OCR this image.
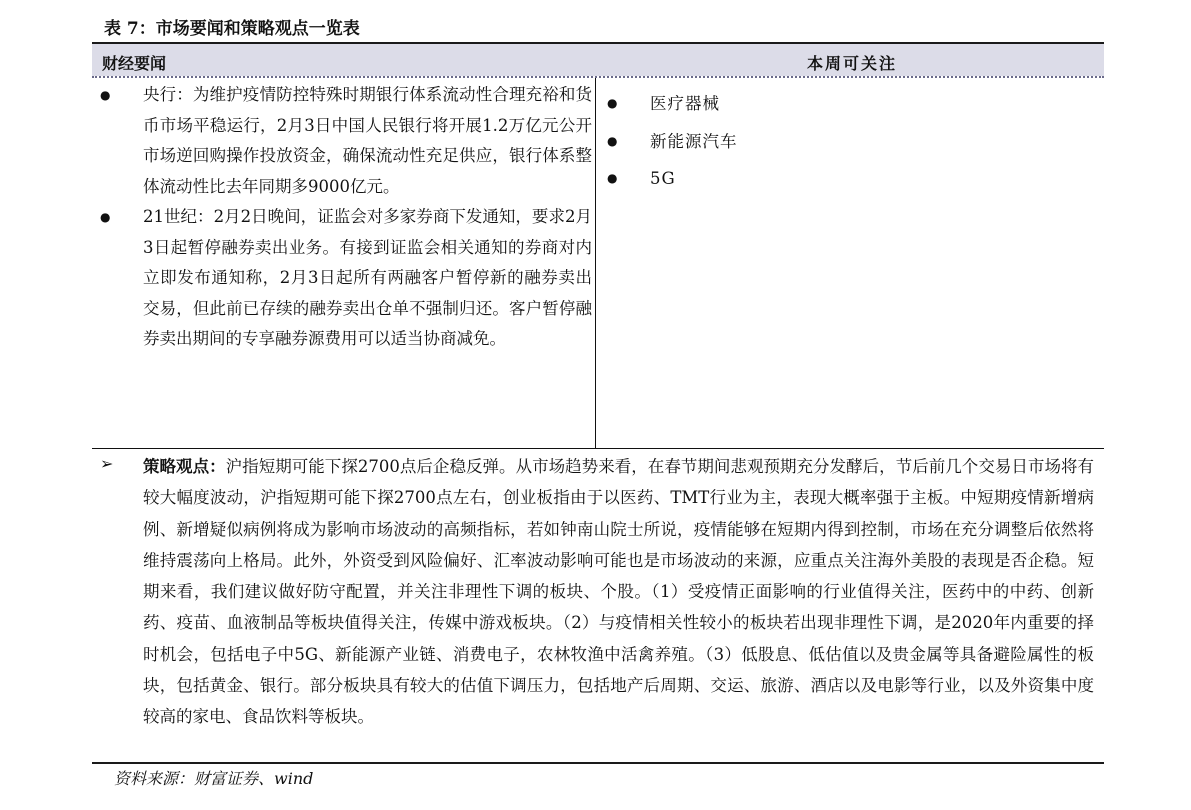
表 7：市场要闻和策略观点一览表
财经要闻	本周可关注
● 央行：为维护疫情防控特殊时期银行体系流动性合理充裕和货币市场平稳运行，2月3日中国人民银行将开展1.2万亿元公开市场逆回购操作投放资金，确保流动性充足供应，银行体系整体流动性比去年同期多9000亿元。
● 21世纪：2月2日晚间，证监会对多家券商下发通知，要求2月3日起暂停融券卖出业务。有接到证监会相关通知的券商对内立即发布通知称，2月3日起所有两融客户暂停新的融券卖出交易，但此前已存续的融券卖出仓单不强制归还。客户暂停融券卖出期间的专享融券源费用可以适当协商减免。
● 医疗器械
● 新能源汽车
● 5G
➢ 策略观点：沪指短期可能下探2700点后企稳反弹。从市场趋势来看，在春节期间悲观预期充分发酵后，节后前几个交易日市场将有较大幅度波动，沪指短期可能下探2700点左右，创业板指由于以医药、TMT行业为主，表现大概率强于主板。中短期疫情新增病例、新增疑似病例将成为影响市场波动的高频指标，若如钟南山院士所说，疫情能够在短期内得到控制，市场在充分调整后依然将维持震荡向上格局。此外，外资受到风险偏好、汇率波动影响可能也是市场波动的来源，应重点关注海外美股的表现是否企稳。短期来看，我们建议做好防守配置，并关注非理性下调的板块、个股。（1）受疫情正面影响的行业值得关注，医药中的中药、创新药、疫苗、血液制品等板块值得关注，传媒中游戏板块。（2）与疫情相关性较小的板块若出现非理性下调，是2020年内重要的择时机会，包括电子中5G、新能源产业链、消费电子，农林牧渔中活禽养殖。（3）低股息、低估值以及贵金属等具备避险属性的板块，包括黄金、银行。部分板块具有较大的估值下调压力，包括地产后周期、交运、旅游、酒店以及电影等行业，以及外资集中度较高的家电、食品饮料等板块。
资料来源：财富证券、wind
